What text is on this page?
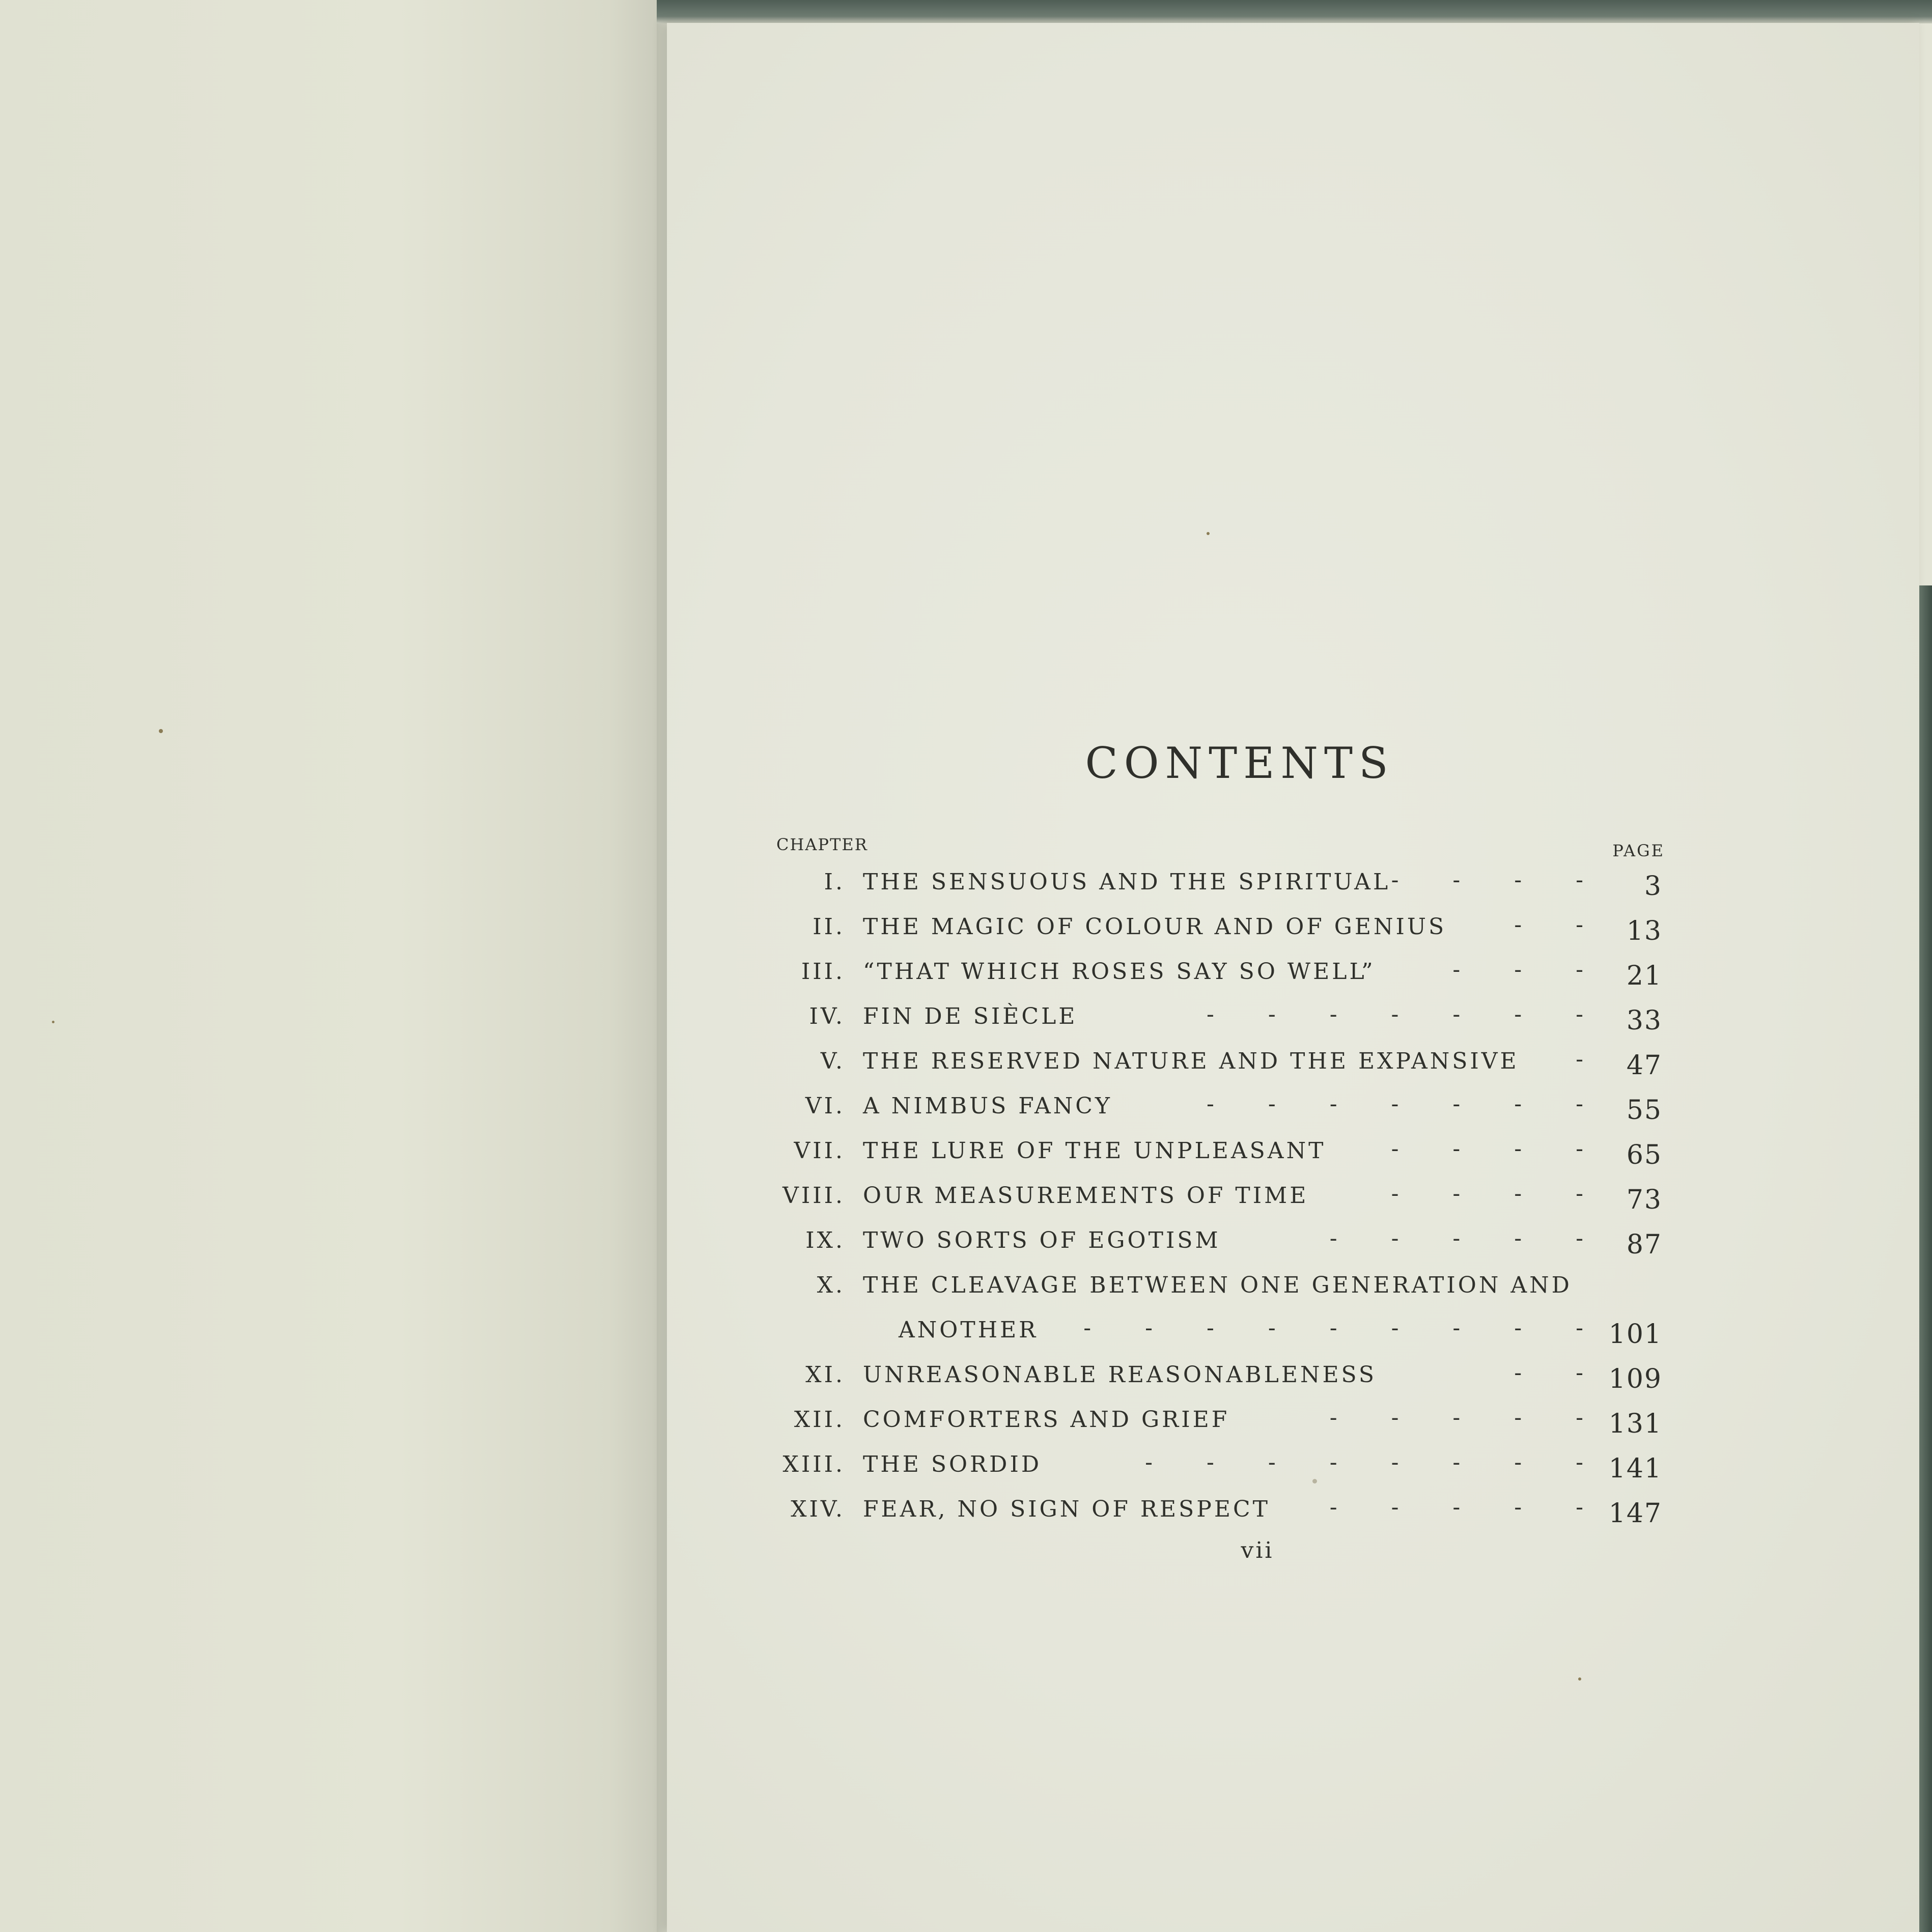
CONTENTS
CHAPTER	PAGE
I. THE SENSUOUS AND THE SPIRITUAL - - - - 3
II. THE MAGIC OF COLOUR AND OF GENIUS	- - 13
III. “THAT WHICH ROSES SAY SO WELL”	- - - 21
IV. FIN DE SIÈCLE	- - - - - - - 33
V. THE RESERVED NATURE AND THE EXPANSIVE	- 47
VI. A NIMBUS FANCY	- - - - - - - 55
VII. THE LURE OF THE UNPLEASANT	- - - - 65
VIII. OUR MEASUREMENTS OF TIME	- - - - 73
IX. TWO SORTS OF EGOTISM	- - - - - 87
X. THE CLEAVAGE BETWEEN ONE GENERATION AND
ANOTHER - - - - - - - - - 101
XI. UNREASONABLE REASONABLENESS	- - 109
XII. COMFORTERS AND GRIEF	- - - - - 131
XIII. THE SORDID	- - - - - - - - 141
XIV. FEAR, NO SIGN OF RESPECT	- - - - - 147
vii
